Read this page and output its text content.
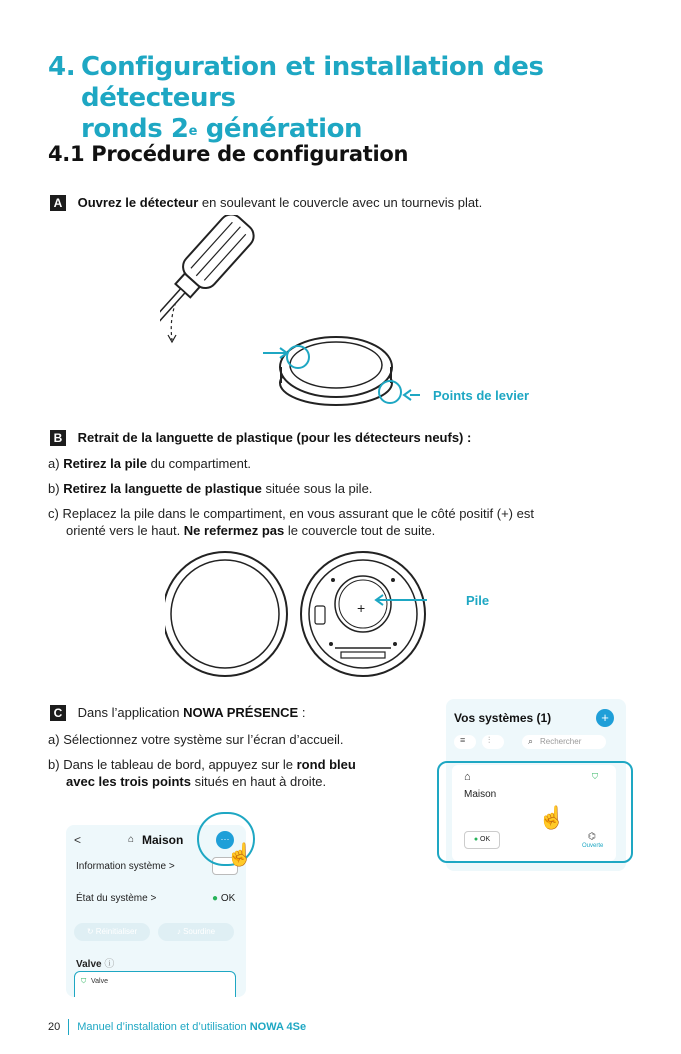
4. Configuration et installation des détecteurs
ronds 2e génération
4.1 Procédure de configuration
A Ouvrez le détecteur en soulevant le couvercle avec un tournevis plat.
Points de levier
B Retrait de la languette de plastique (pour les détecteurs neufs) :
a) Retirez la pile du compartiment.
b) Retirez la languette de plastique située sous la pile.
c) Replacez la pile dans le compartiment, en vous assurant que le côté positif (+) est
orienté vers le haut. Ne refermez pas le couvercle tout de suite.
+	Pile
C Dans l’application NOWA PRÉSENCE :
a) Sélectionnez votre système sur l’écran d’accueil.
b) Dans le tableau de bord, appuyez sur le rond bleu
avec les trois points situés en haut à droite.
Vos systèmes (1)	+
≡	⫶	⌕ Rechercher
⌂	⛉
Maison
● OK	⌬
Ouverte
☝
<	⌂ Maison	···
Information système >
État du système >	● OK
↻ Réinitialiser	♪ Sourdine
Valve ⓘ
⛉ Valve
☝
20 Manuel d’installation et d’utilisation NOWA 4Se
